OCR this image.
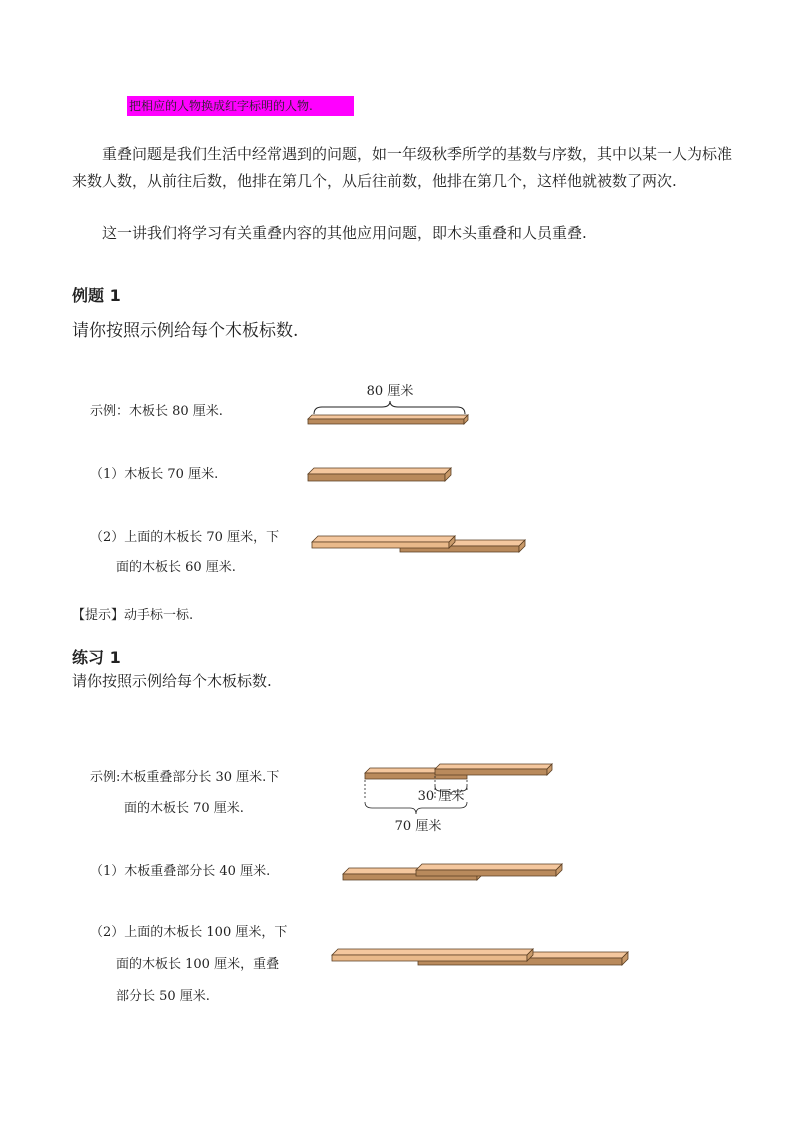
把相应的人物换成红字标明的人物.
重叠问题是我们生活中经常遇到的问题，如一年级秋季所学的基数与序数，其中以某一人为标准来数人数，从前往后数，他排在第几个，从后往前数，他排在第几个，这样他就被数了两次.
这一讲我们将学习有关重叠内容的其他应用问题，即木头重叠和人员重叠.
例题 1
请你按照示例给每个木板标数.
示例：木板长 80 厘米.
（1）木板长 70 厘米.
（2）上面的木板长 70 厘米，下
面的木板长 60 厘米.
【提示】动手标一标.
80 厘米
练习 1
请你按照示例给每个木板标数.
示例:木板重叠部分长 30 厘米.下
面的木板长 70 厘米.
（1）木板重叠部分长 40 厘米.
（2）上面的木板长 100 厘米，下
面的木板长 100 厘米，重叠
部分长 50 厘米.
30 厘米
70 厘米
